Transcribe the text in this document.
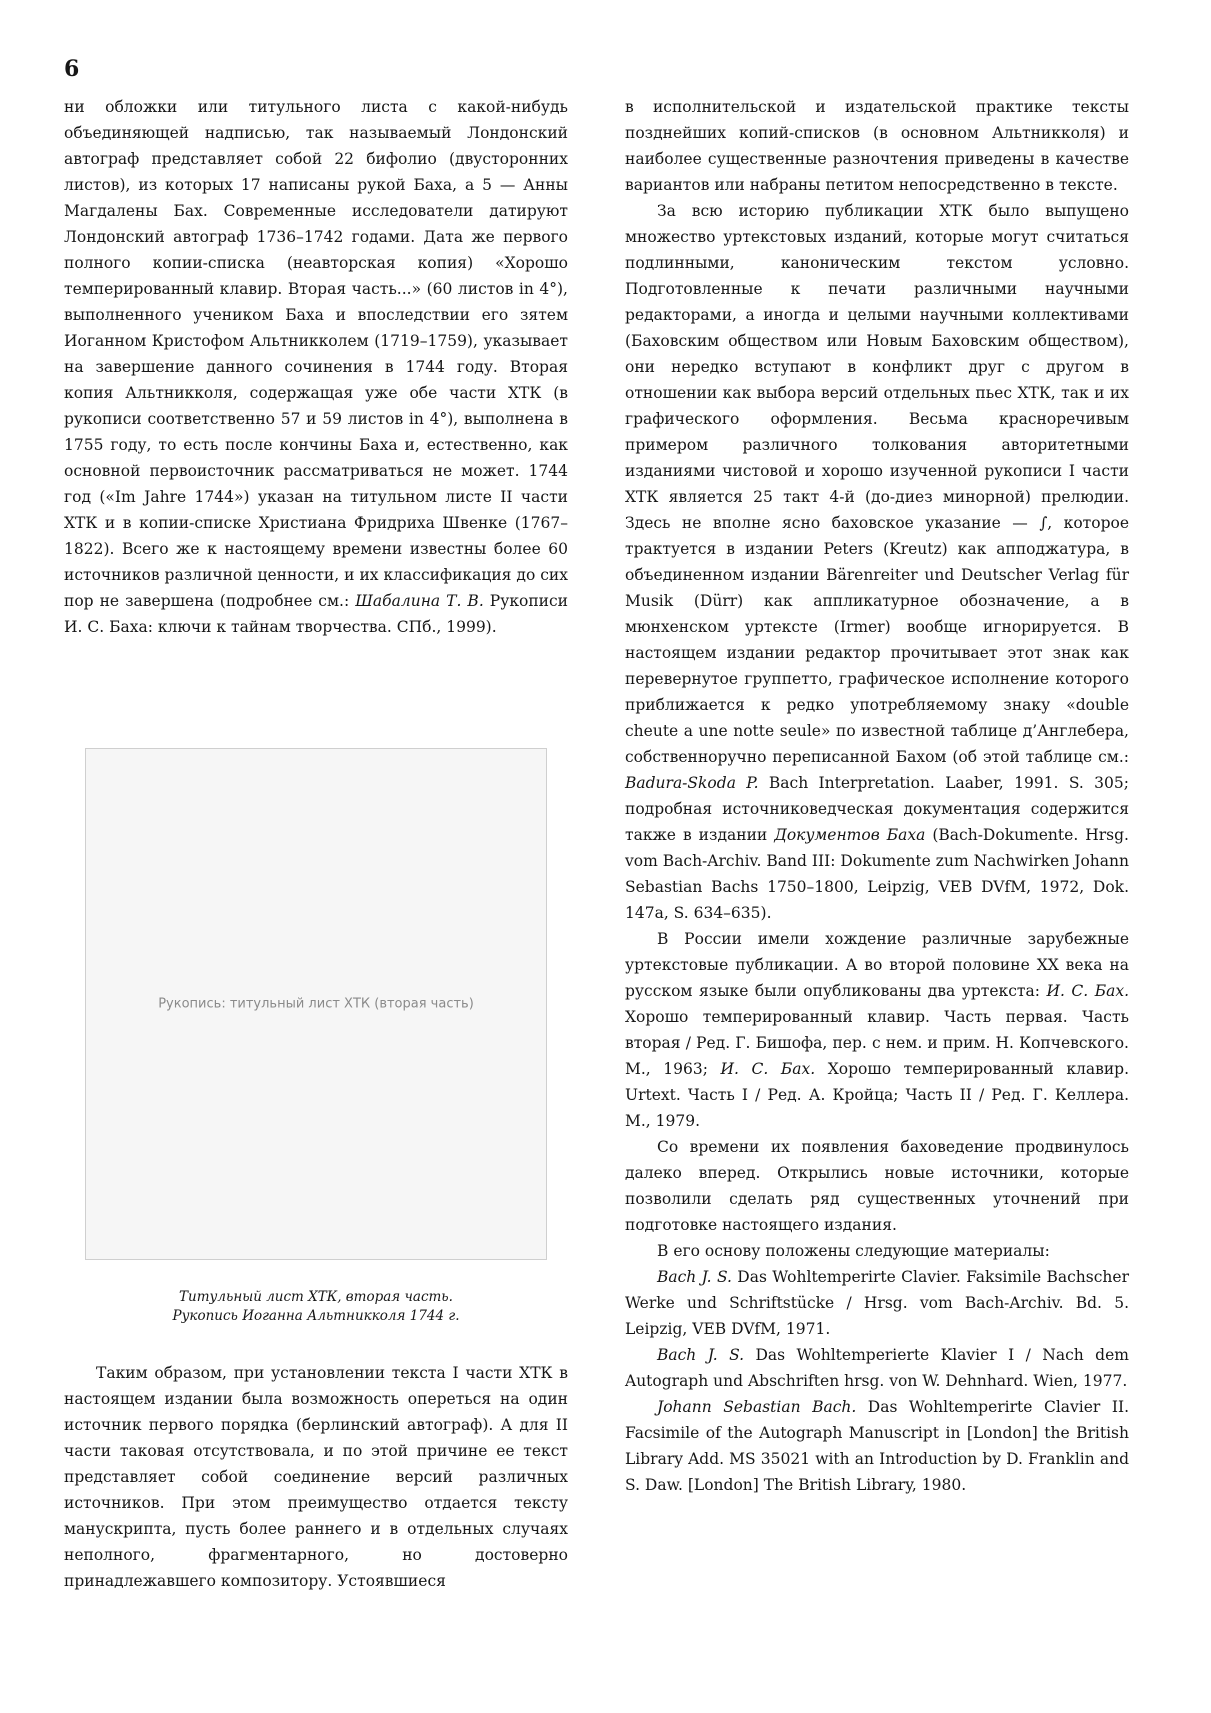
6

ни обложки или титульного листа с какой-нибудь объединяющей надписью, так называемый Лондонский автограф представляет собой 22 бифолио (двусторонних листов), из которых 17 написаны рукой Баха, а 5 — Анны Магдалены Бах. Современные исследователи датируют Лондонский автограф 1736–1742 годами. Дата же первого полного копии-списка (неавторская копия) «Хорошо темперированный клавир. Вторая часть...» (60 листов in 4°), выполненного учеником Баха и впоследствии его зятем Иоганном Кристофом Альтникколем (1719–1759), указывает на завершение данного сочинения в 1744 году. Вторая копия Альтникколя, содержащая уже обе части ХТК (в рукописи соответственно 57 и 59 листов in 4°), выполнена в 1755 году, то есть после кончины Баха и, естественно, как основной первоисточник рассматриваться не может. 1744 год («Im Jahre 1744») указан на титульном листе II части ХТК и в копии-списке Христиана Фридриха Швенке (1767–1822). Всего же к настоящему времени известны более 60 источников различной ценности, и их классификация до сих пор не завершена (подробнее см.: Шабалина Т. В. Рукописи И. С. Баха: ключи к тайнам творчества. СПб., 1999).

Рукопись: титульный лист ХТК (вторая часть)
Титульный лист ХТК, вторая часть.
Рукопись Иоганна Альтникколя 1744 г.

Таким образом, при установлении текста I части ХТК в настоящем издании была возможность опереться на один источник первого порядка (берлинский автограф). А для II части таковая отсутствовала, и по этой причине ее текст представляет собой соединение версий различных источников. При этом преимущество отдается тексту манускрипта, пусть более раннего и в отдельных случаях неполного, фрагментарного, но достоверно принадлежавшего композитору. Устоявшиеся

в исполнительской и издательской практике тексты позднейших копий-списков (в основном Альтникколя) и наиболее существенные разночтения приведены в качестве вариантов или набраны петитом непосредственно в тексте.

За всю историю публикации ХТК было выпущено множество уртекстовых изданий, которые могут считаться подлинными, каноническим текстом условно. Подготовленные к печати различными научными редакторами, а иногда и целыми научными коллективами (Баховским обществом или Новым Баховским обществом), они нередко вступают в конфликт друг с другом в отношении как выбора версий отдельных пьес ХТК, так и их графического оформления. Весьма красноречивым примером различного толкования авторитетными изданиями чистовой и хорошо изученной рукописи I части ХТК является 25 такт 4-й (до-диез минорной) прелюдии. Здесь не вполне ясно баховское указание — ∫, которое трактуется в издании Peters (Kreutz) как апподжатура, в объединенном издании Bärenreiter und Deutscher Verlag für Musik (Dürr) как аппликатурное обозначение, а в мюнхенском уртексте (Irmer) вообще игнорируется. В настоящем издании редактор прочитывает этот знак как перевернутое группетто, графическое исполнение которого приближается к редко употребляемому знаку «double cheute a une notte seule» по известной таблице д’Англебера, собственноручно переписанной Бахом (об этой таблице см.: Badura-Skoda P. Bach Interpretation. Laaber, 1991. S. 305; подробная источниковедческая документация содержится также в издании Документов Баха (Bach-Dokumente. Hrsg. vom Bach-Archiv. Band III: Dokumente zum Nachwirken Johann Sebastian Bachs 1750–1800, Leipzig, VEB DVfM, 1972, Dok. 147a, S. 634–635).

В России имели хождение различные зарубежные уртекстовые публикации. А во второй половине XX века на русском языке были опубликованы два уртекста: И. С. Бах. Хорошо темперированный клавир. Часть первая. Часть вторая / Ред. Г. Бишофа, пер. с нем. и прим. Н. Копчевского. М., 1963; И. С. Бах. Хорошо темперированный клавир. Urtext. Часть I / Ред. А. Кройца; Часть II / Ред. Г. Келлера. М., 1979.

Со времени их появления баховедение продвинулось далеко вперед. Открылись новые источники, которые позволили сделать ряд существенных уточнений при подготовке настоящего издания.

В его основу положены следующие материалы:

Bach J. S. Das Wohltemperirte Clavier. Faksimile Bachscher Werke und Schriftstücke / Hrsg. vom Bach-Archiv. Bd. 5. Leipzig, VEB DVfM, 1971.

Bach J. S. Das Wohltemperierte Klavier I / Nach dem Autograph und Abschriften hrsg. von W. Dehnhard. Wien, 1977.

Johann Sebastian Bach. Das Wohltemperirte Clavier II. Facsimile of the Autograph Manuscript in [London] the British Library Add. MS 35021 with an Introduction by D. Franklin and S. Daw. [London] The British Library, 1980.
